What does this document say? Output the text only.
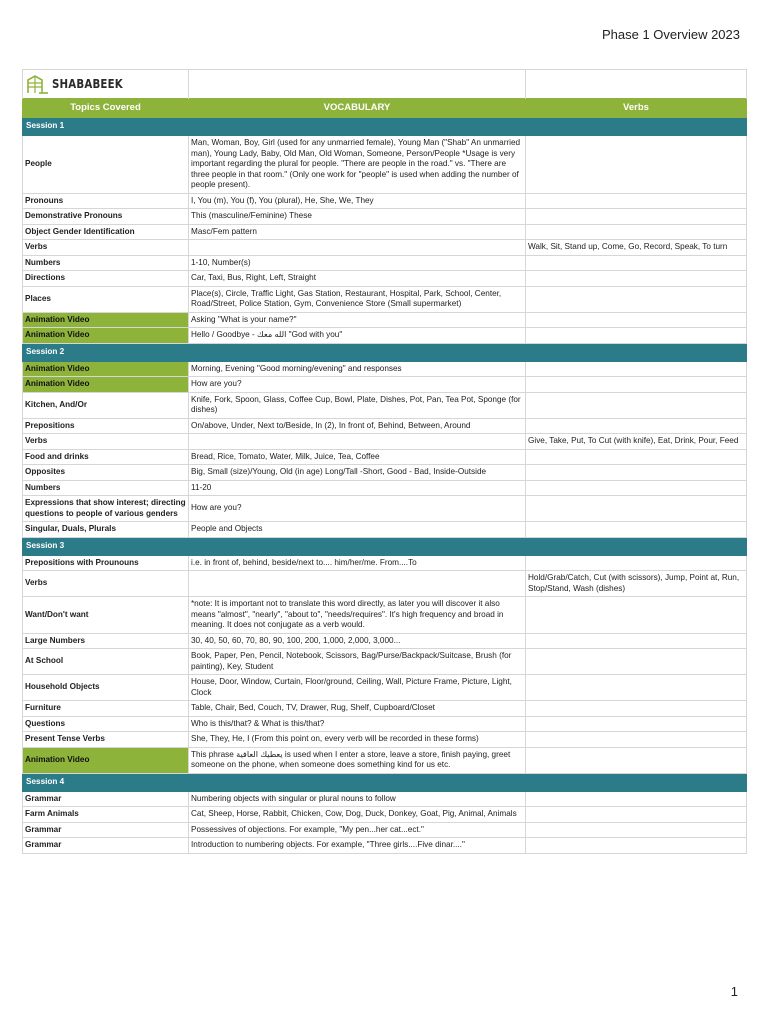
Phase 1 Overview 2023
SHABABEEK		

Topics Covered	VOCABULARY	Verbs
Session 1		
People	Man, Woman, Boy, Girl (used for any unmarried female), Young Man ("Shab" An unmarried man), Young Lady, Baby, Old Man, Old Woman, Someone, Person/People *Usage is very important regarding the plural for people. "There are people in the road." vs. "There are three people in that room." (Only one work for "people" is used when adding the number of people present).	
Pronouns	I, You (m), You (f), You (plural), He, She, We, They	
Demonstrative Pronouns	This (masculine/Feminine) These	
Object Gender Identification	Masc/Fem pattern	
Verbs		Walk, Sit, Stand up, Come, Go, Record, Speak, To turn
Numbers	1-10, Number(s)	
Directions	Car, Taxi, Bus, Right, Left, Straight	
Places	Place(s), Circle, Traffic Light, Gas Station, Restaurant, Hospital, Park, School, Center, Road/Street, Police Station, Gym, Convenience Store (Small supermarket)	
Animation Video	Asking "What is your name?"	
Animation Video	Hello / Goodbye - الله معك "God with you"	
Session 2		
Animation Video	Morning, Evening "Good morning/evening" and responses	
Animation Video	How are you?	
Kitchen, And/Or	Knife, Fork, Spoon, Glass, Coffee Cup, Bowl, Plate, Dishes, Pot, Pan, Tea Pot, Sponge (for dishes)	
Prepositions	On/above, Under, Next to/Beside, In (2), In front of, Behind, Between, Around	
Verbs		Give, Take, Put, To Cut (with knife), Eat, Drink, Pour, Feed
Food and drinks	Bread, Rice, Tomato, Water, Milk, Juice, Tea, Coffee	
Opposites	Big, Small (size)/Young, Old (in age) Long/Tall -Short, Good - Bad, Inside-Outside	
Numbers	11-20	
Expressions that show interest; directing questions to people of various genders	How are you?	
Singular, Duals, Plurals	People and Objects	
Session 3		
Prepositions with Prounouns	i.e. in front of, behind, beside/next to.... him/her/me. From....To	
Verbs		Hold/Grab/Catch, Cut (with scissors), Jump, Point at, Run, Stop/Stand, Wash (dishes)
Want/Don't want	*note: It is important not to translate this word directly, as later you will discover it also means "almost", "nearly", "about to", "needs/requires". It's high frequency and broad in meaning. It does not conjugate as a verb would.	
Large Numbers	30, 40, 50, 60, 70, 80, 90, 100, 200, 1,000, 2,000, 3,000...	
At School	Book, Paper, Pen, Pencil, Notebook, Scissors, Bag/Purse/Backpack/Suitcase, Brush (for painting), Key, Student	
Household Objects	House, Door, Window, Curtain, Floor/ground, Ceiling, Wall, Picture Frame, Picture, Light, Clock	
Furniture	Table, Chair, Bed, Couch, TV, Drawer, Rug, Shelf, Cupboard/Closet	
Questions	Who is this/that? & What is this/that?	
Present Tense Verbs	She, They, He, I (From this point on, every verb will be recorded in these forms)	
Animation Video	This phrase يعطيك العافية is used when I enter a store, leave a store, finish paying, greet someone on the phone, when someone does something kind for us etc.	
Session 4		
Grammar	Numbering objects with singular or plural nouns to follow	
Farm Animals	Cat, Sheep, Horse, Rabbit, Chicken, Cow, Dog, Duck, Donkey, Goat, Pig, Animal, Animals	
Grammar	Possessives of objections. For example, "My pen...her cat...ect."	
Grammar	Introduction to numbering objects. For example, "Three girls....Five dinar...."	
1
